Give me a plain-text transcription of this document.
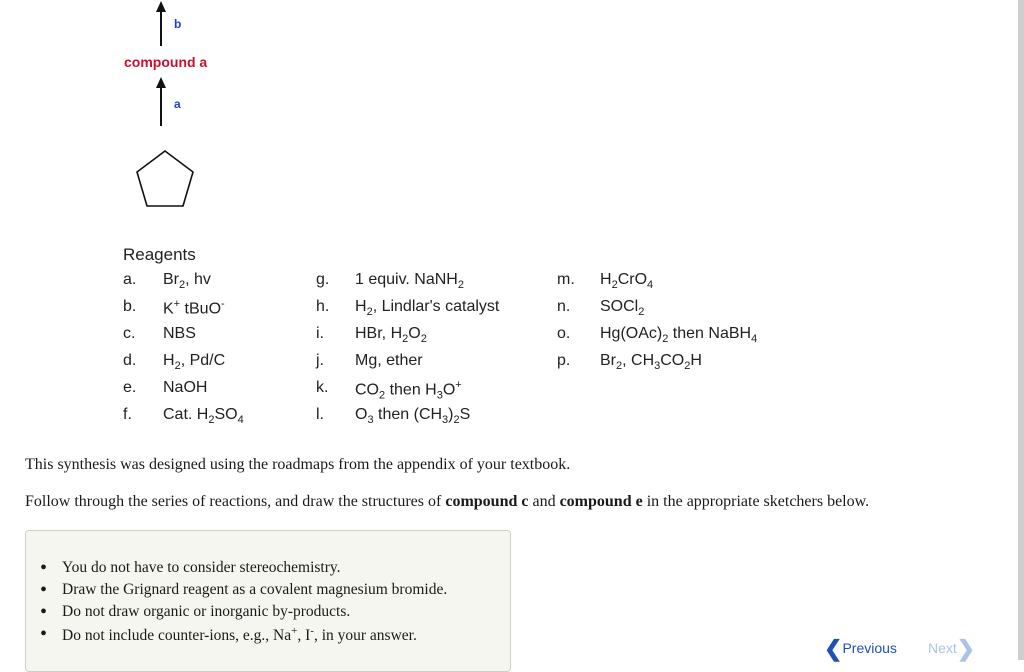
b
compound a
a
Reagents
a. $Br_2$, hv
b. K+ tBuO-
c. NBS
d. $H_2$, Pd/C
e. NaOH
f. Cat. $H_2SO_4$
g. 1 equiv. NaNH$_2$
h. $H_2$, Lindlar's catalyst
i. HBr, $H_2O_2$
j. Mg, ether
k. $CO_2$ then $H_3O^+$
l. $O_3$ then $(CH_3)_2S$
m. $H_2CrO_4$
n. SOCl$_2$
o. $Hg(OAc)_2$ then NaBH$_4$
p. $Br_2$, $CH_3CO_2H$
This synthesis was designed using the roadmaps from the appendix of your textbook.
Follow through the series of reactions, and draw the structures of compound c and compound e in the appropriate sketchers below.
• You do not have to consider stereochemistry.
• Draw the Grignard reagent as a covalent magnesium bromide.
• Do not draw organic or inorganic by-products.
• Do not include counter-ions, e.g., Na+, I-, in your answer.
❮Previous Next❯
